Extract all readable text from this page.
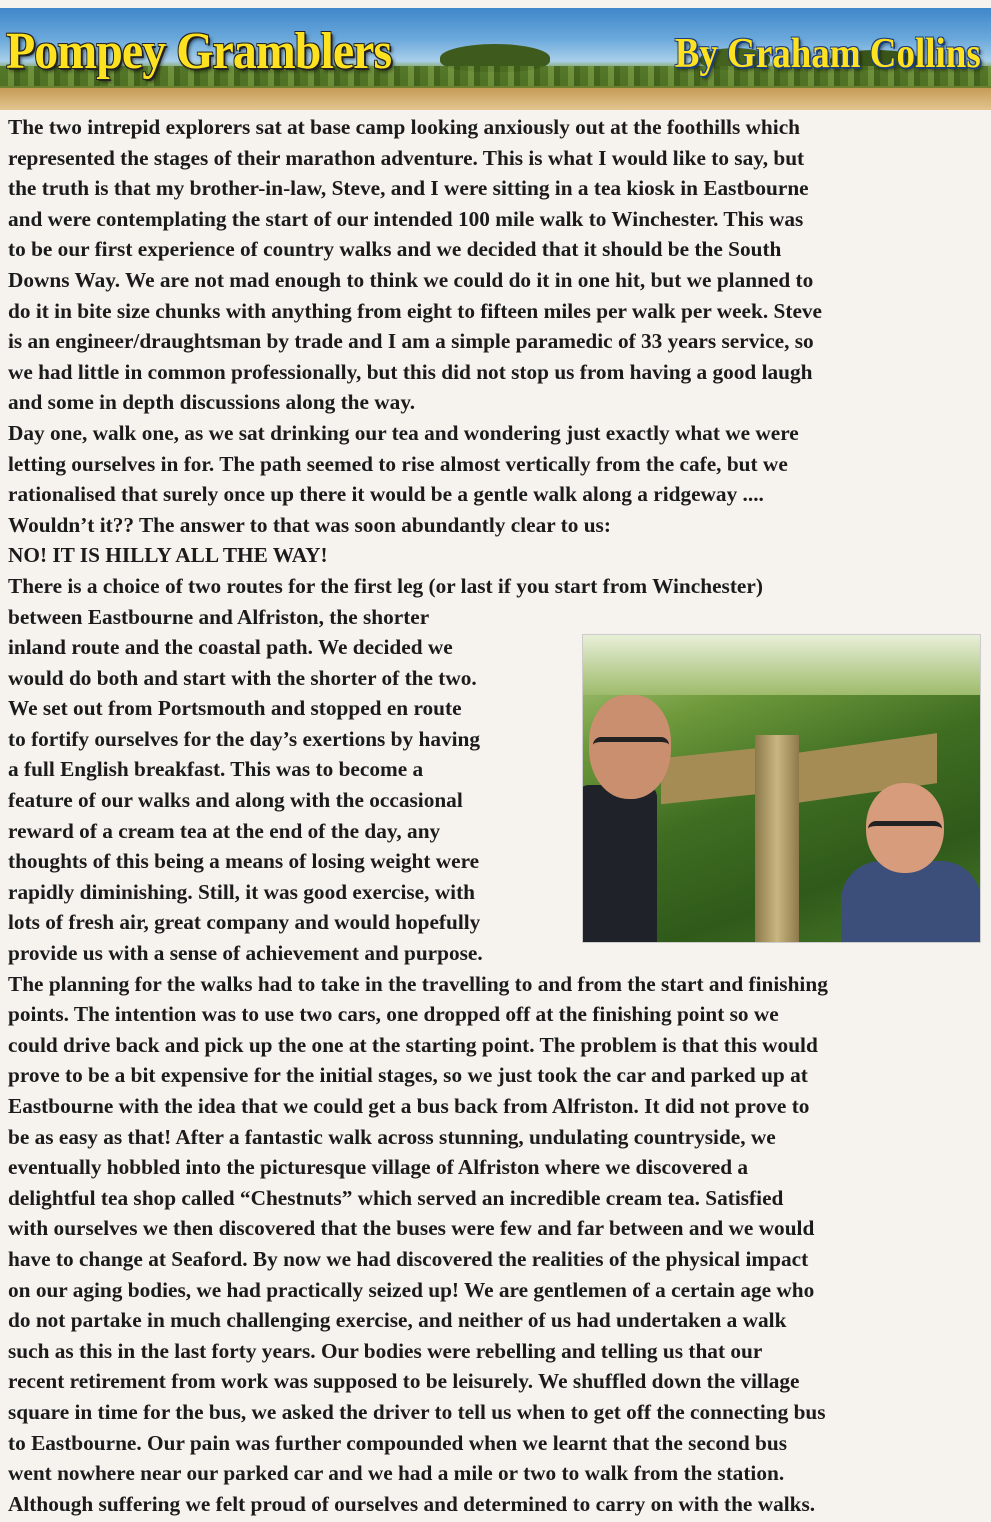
Pompey Gramblers	By Graham Collins
The two intrepid explorers sat at base camp looking anxiously out at the foothills which
represented the stages of their marathon adventure. This is what I would like to say, but
the truth is that my brother-in-law, Steve, and I were sitting in a tea kiosk in Eastbourne
and were contemplating the start of our intended 100 mile walk to Winchester. This was
to be our first experience of country walks and we decided that it should be the South
Downs Way. We are not mad enough to think we could do it in one hit, but we planned to
do it in bite size chunks with anything from eight to fifteen miles per walk per week. Steve
is an engineer/draughtsman by trade and I am a simple paramedic of 33 years service, so
we had little in common professionally, but this did not stop us from having a good laugh
and some in depth discussions along the way.
Day one, walk one, as we sat drinking our tea and wondering just exactly what we were
letting ourselves in for. The path seemed to rise almost vertically from the cafe, but we
rationalised that surely once up there it would be a gentle walk along a ridgeway ....
Wouldn’t it?? The answer to that was soon abundantly clear to us:
NO! IT IS HILLY ALL THE WAY!
There is a choice of two routes for the first leg (or last if you start from Winchester)
between Eastbourne and Alfriston, the shorter
inland route and the coastal path. We decided we
would do both and start with the shorter of the two.
We set out from Portsmouth and stopped en route
to fortify ourselves for the day’s exertions by having
a full English breakfast. This was to become a
feature of our walks and along with the occasional
reward of a cream tea at the end of the day, any
thoughts of this being a means of losing weight were
rapidly diminishing. Still, it was good exercise, with
lots of fresh air, great company and would hopefully
provide us with a sense of achievement and purpose.
The planning for the walks had to take in the travelling to and from the start and finishing
points. The intention was to use two cars, one dropped off at the finishing point so we
could drive back and pick up the one at the starting point. The problem is that this would
prove to be a bit expensive for the initial stages, so we just took the car and parked up at
Eastbourne with the idea that we could get a bus back from Alfriston. It did not prove to
be as easy as that! After a fantastic walk across stunning, undulating countryside, we
eventually hobbled into the picturesque village of Alfriston where we discovered a
delightful tea shop called “Chestnuts” which served an incredible cream tea. Satisfied
with ourselves we then discovered that the buses were few and far between and we would
have to change at Seaford. By now we had discovered the realities of the physical impact
on our aging bodies, we had practically seized up! We are gentlemen of a certain age who
do not partake in much challenging exercise, and neither of us had undertaken a walk
such as this in the last forty years. Our bodies were rebelling and telling us that our
recent retirement from work was supposed to be leisurely. We shuffled down the village
square in time for the bus, we asked the driver to tell us when to get off the connecting bus
to Eastbourne. Our pain was further compounded when we learnt that the second bus
went nowhere near our parked car and we had a mile or two to walk from the station.
Although suffering we felt proud of ourselves and determined to carry on with the walks.
